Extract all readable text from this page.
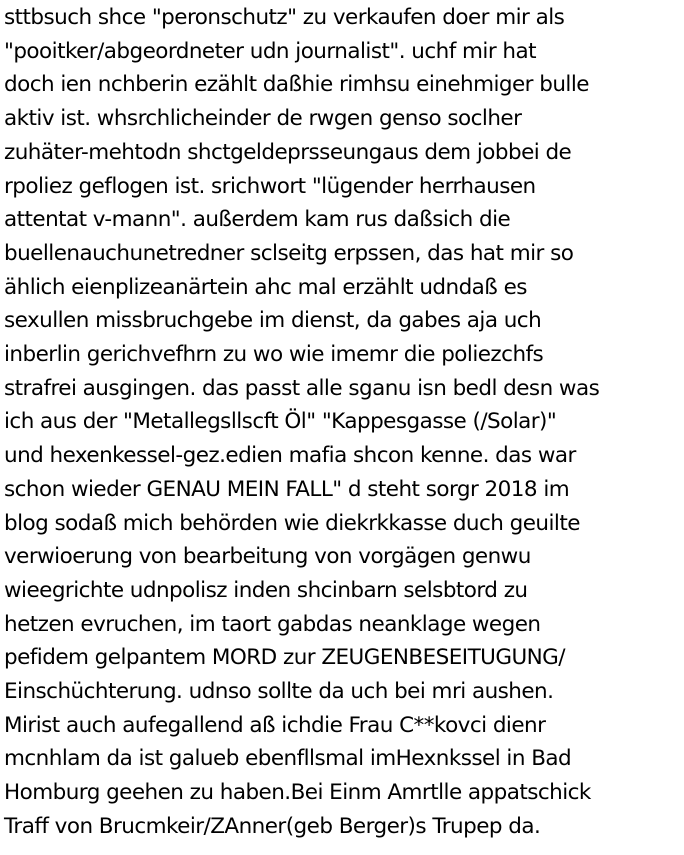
sttbsuch shce "peronschutz" zu verkaufen doer mir als
"pooitker/abgeordneter udn journalist". uchf mir hat
doch ien nchberin ezählt daßhie rimhsu einehmiger bulle
aktiv ist. whsrchlicheinder de rwgen genso soclher
zuhäter-mehtodn shctgeldeprsseungaus dem jobbei de
rpoliez geflogen ist. srichwort "lügender herrhausen
attentat v-mann". außerdem kam rus daßsich die
buellenauchunetredner sclseitg erpssen, das hat mir so
ählich eienplizeanärtein ahc mal erzählt udndaß es
sexullen missbruchgebe im dienst, da gabes aja uch
inberlin gerichvefhrn zu wo wie imemr die poliezchfs
strafrei ausgingen. das passt alle sganu isn bedl desn was
ich aus der "Metallegsllscft Öl" "Kappesgasse (/Solar)"
und hexenkessel-gez.edien mafia shcon kenne. das war
schon wieder GENAU MEIN FALL" d steht sorgr 2018 im
blog sodaß mich behörden wie diekrkkasse duch geuilte
verwioerung von bearbeitung von vorgägen genwu
wieegrichte udnpolisz inden shcinbarn selsbtord zu
hetzen evruchen, im taort gabdas neanklage wegen
pefidem gelpantem MORD zur ZEUGENBESEITUGUNG/
Einschüchterung. udnso sollte da uch bei mri aushen.
Mirist auch aufegallend aß ichdie Frau C**kovci dienr
mcnhlam da ist galueb ebenfllsmal imHexnkssel in Bad
Homburg geehen zu haben.Bei Einm Amrtlle appatschick
Traff von Brucmkeir/ZAnner(geb Berger)s Trupep da.
